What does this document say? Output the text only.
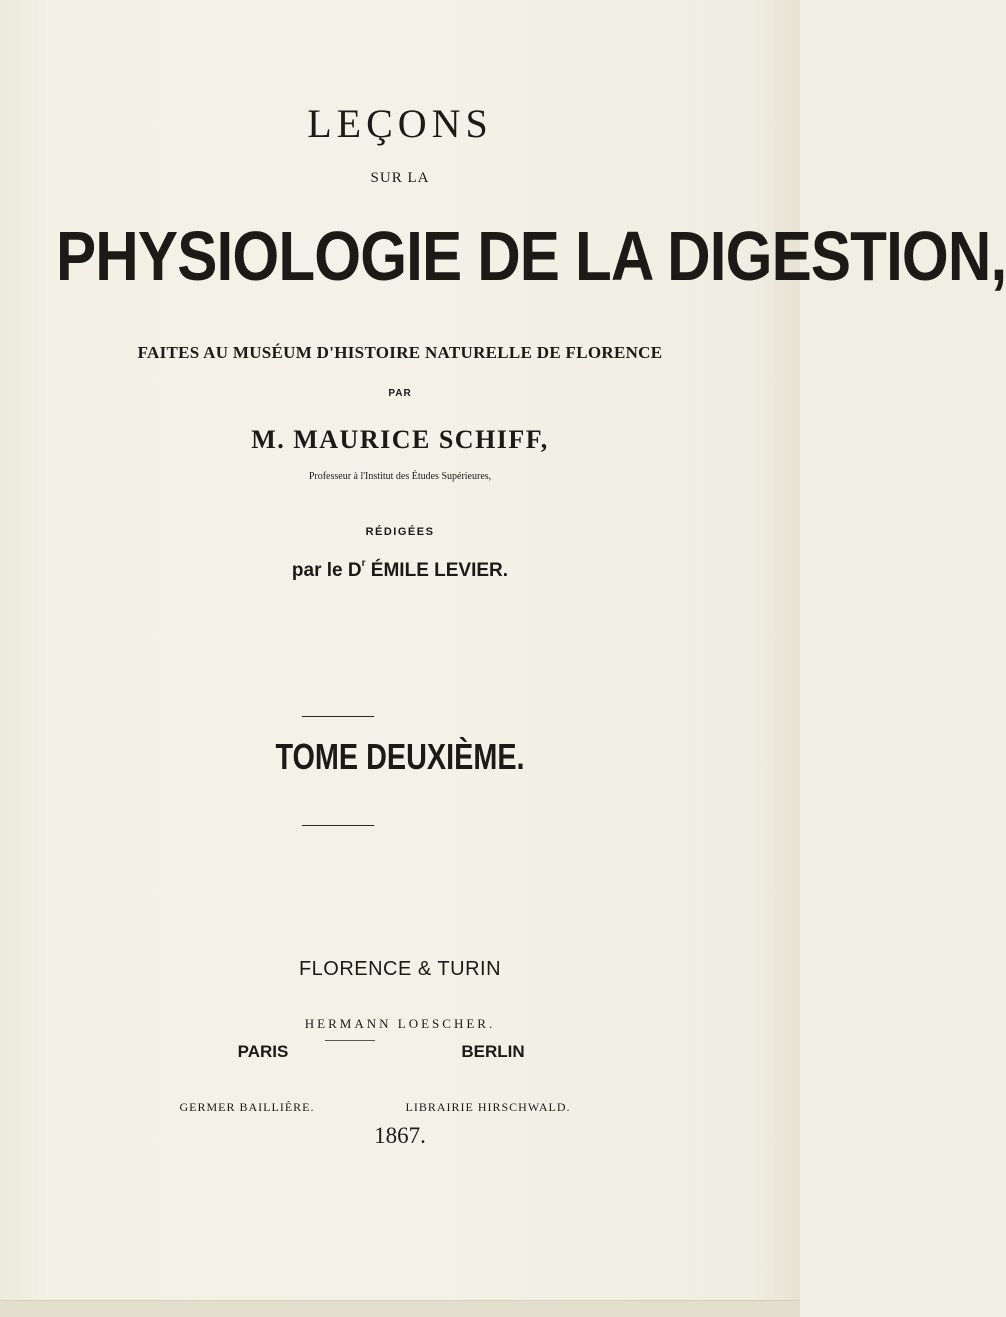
LEÇONS
SUR LA
PHYSIOLOGIE DE LA DIGESTION,
FAITES AU MUSÉUM D'HISTOIRE NATURELLE DE FLORENCE
PAR
M. MAURICE SCHIFF,
Professeur à l'Institut des Études Supérieures,
RÉDIGÉES
par le $D^r$ ÉMILE LEVIER.
TOME DEUXIÈME.
FLORENCE & TURIN
HERMANN LOESCHER.
PARIS	BERLIN
GERMER BAILLIÈRE.	LIBRAIRIE HIRSCHWALD.
1867.
